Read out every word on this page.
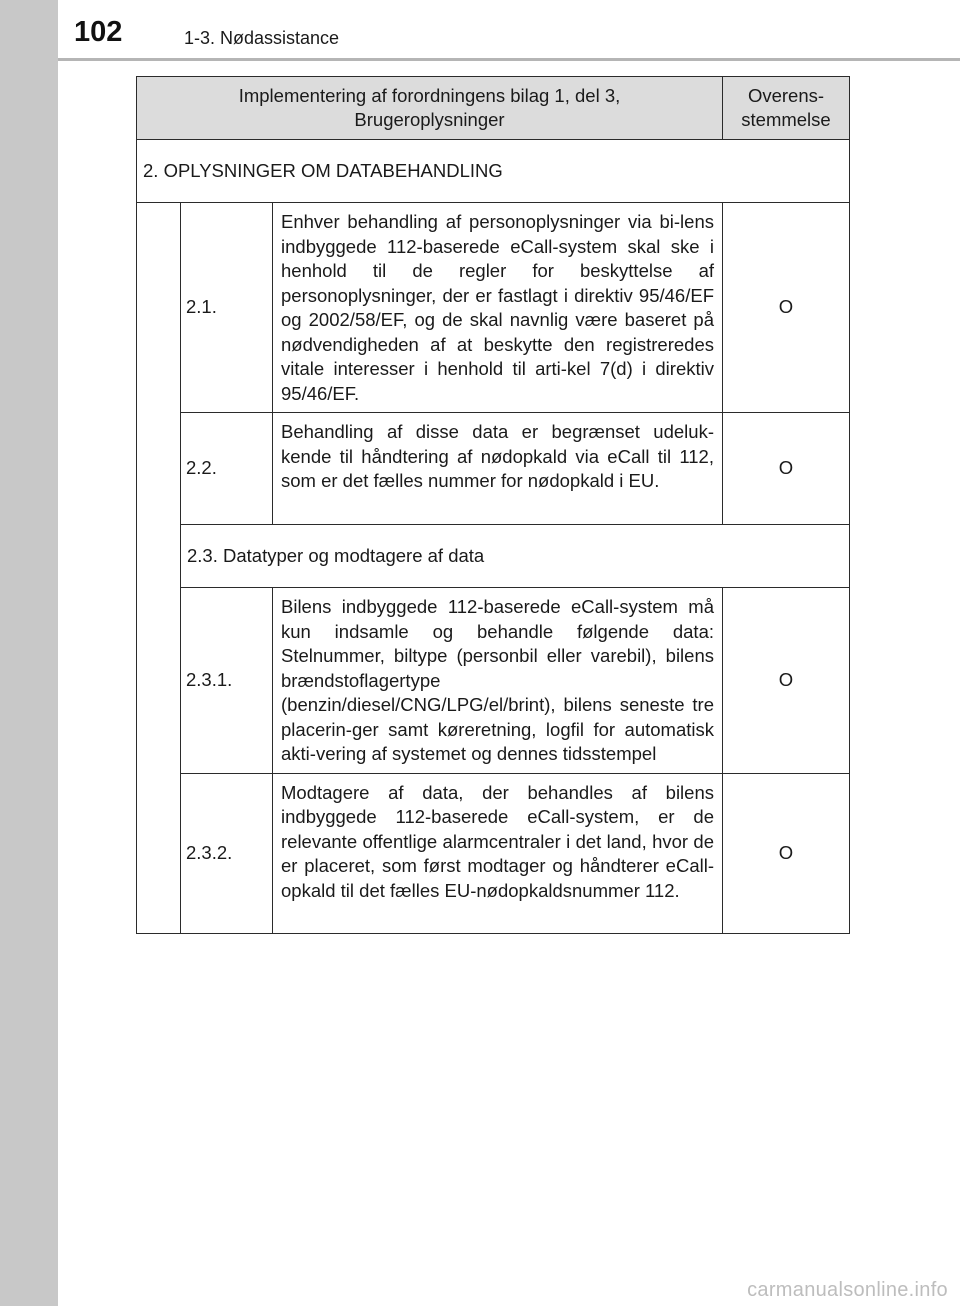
102	1-3. Nødassistance
Implementering af forordningens bilag 1, del 3, Brugeroplysninger			Overens-stemmelse
2. OPLYSNINGER OM DATABEHANDLING			
	2.1.	Enhver behandling af personoplysninger via bi-lens indbyggede 112-baserede eCall-system skal ske i henhold til de regler for beskyttelse af personoplysninger, der er fastlagt i direktiv 95/46/EF og 2002/58/EF, og de skal navnlig være baseret på nødvendigheden af at beskytte den registreredes vitale interesser i henhold til arti-kel 7(d) i direktiv 95/46/EF.	O
	2.2.	Behandling af disse data er begrænset udeluk-kende til håndtering af nødopkald via eCall til 112, som er det fælles nummer for nødopkald i EU.	O
	2.3. Datatyper og modtagere af data		
	2.3.1.	Bilens indbyggede 112-baserede eCall-system må kun indsamle og behandle følgende data: Stelnummer, biltype (personbil eller varebil), bilens brændstoflagertype (benzin/diesel/CNG/LPG/el/brint), bilens seneste tre placerin-ger samt køreretning, logfil for automatisk akti-vering af systemet og dennes tidsstempel	O
	2.3.2.	Modtagere af data, der behandles af bilens indbyggede 112-baserede eCall-system, er de relevante offentlige alarmcentraler i det land, hvor de er placeret, som først modtager og håndterer eCall-opkald til det fælles EU-nødopkaldsnummer 112.	O
carmanualsonline.info
